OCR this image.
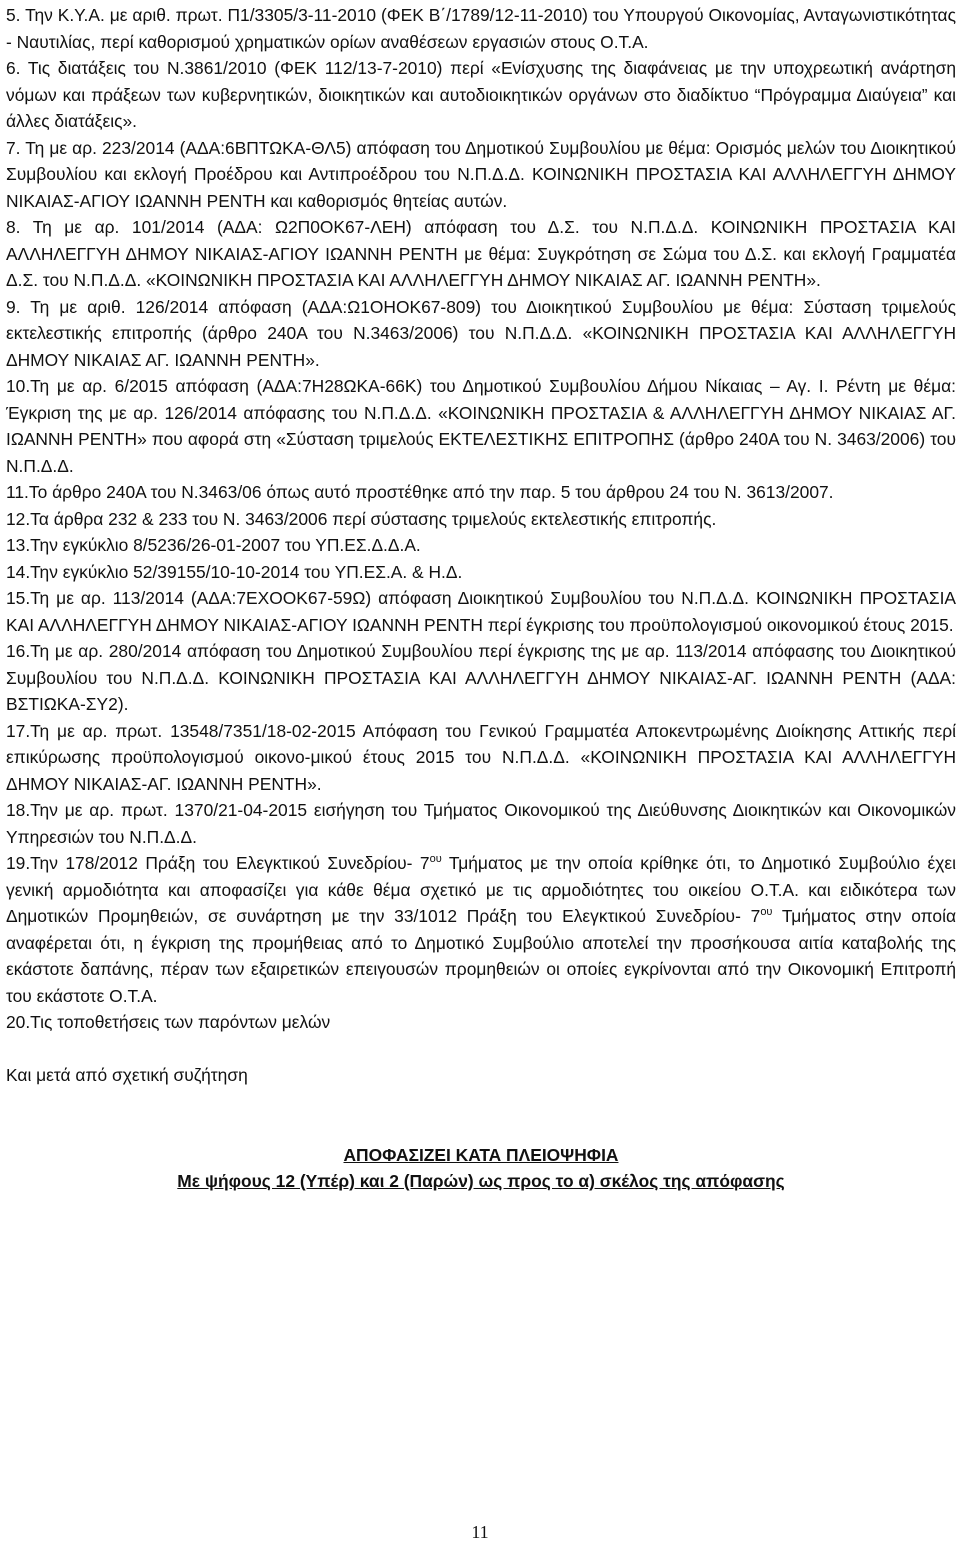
5. Την Κ.Υ.Α. με αριθ. πρωτ. Π1/3305/3-11-2010 (ΦΕΚ Β΄/1789/12-11-2010) του Υπουργού Οικονομίας, Ανταγωνιστικότητας - Ναυτιλίας, περί καθορισμού χρηματικών ορίων αναθέσεων εργασιών στους Ο.Τ.Α.

6. Τις διατάξεις του Ν.3861/2010 (ΦΕΚ 112/13-7-2010) περί «Ενίσχυσης της διαφάνειας με την υποχρεωτική ανάρτηση νόμων και πράξεων των κυβερνητικών, διοικητικών και αυτοδιοικητικών οργάνων στο διαδίκτυο “Πρόγραμμα Διαύγεια” και άλλες διατάξεις».

7. Τη με αρ. 223/2014 (ΑΔΑ:6ΒΠΤΩΚΑ-ΘΛ5) απόφαση του Δημοτικού Συμβουλίου με θέμα: Ορισμός μελών του Διοικητικού Συμβουλίου και εκλογή Προέδρου και Αντιπροέδρου του Ν.Π.Δ.Δ. ΚΟΙΝΩΝΙΚΗ ΠΡΟΣΤΑΣΙΑ ΚΑΙ ΑΛΛΗΛΕΓΓΥΗ ΔΗΜΟΥ ΝΙΚΑΙΑΣ-ΑΓΙΟΥ ΙΩΑΝΝΗ ΡΕΝΤΗ και καθορισμός θητείας αυτών.

8. Τη με αρ. 101/2014 (ΑΔΑ: Ω2Π0ΟΚ67-ΛΕΗ) απόφαση του Δ.Σ. του Ν.Π.Δ.Δ. ΚΟΙΝΩΝΙΚΗ ΠΡΟΣΤΑΣΙΑ ΚΑΙ ΑΛΛΗΛΕΓΓΥΗ ΔΗΜΟΥ ΝΙΚΑΙΑΣ-ΑΓΙΟΥ ΙΩΑΝΝΗ ΡΕΝΤΗ με θέμα: Συγκρότηση σε Σώμα του Δ.Σ. και εκλογή Γραμματέα Δ.Σ. του Ν.Π.Δ.Δ. «ΚΟΙΝΩΝΙΚΗ ΠΡΟΣΤΑΣΙΑ ΚΑΙ ΑΛΛΗΛΕΓΓΥΗ ΔΗΜΟΥ ΝΙΚΑΙΑΣ ΑΓ. ΙΩΑΝΝΗ ΡΕΝΤΗ».

9. Τη με αριθ. 126/2014 απόφαση (ΑΔΑ:Ω1ΟΗΟΚ67-809) του Διοικητικού Συμβουλίου με θέμα: Σύσταση τριμελούς εκτελεστικής επιτροπής (άρθρο 240Α του Ν.3463/2006) του Ν.Π.Δ.Δ. «ΚΟΙΝΩΝΙΚΗ ΠΡΟΣΤΑΣΙΑ ΚΑΙ ΑΛΛΗΛΕΓΓΥΗ ΔΗΜΟΥ ΝΙΚΑΙΑΣ ΑΓ. ΙΩΑΝΝΗ ΡΕΝΤΗ».

10.Τη με αρ. 6/2015 απόφαση (ΑΔΑ:7Η28ΩΚΑ-66Κ) του Δημοτικού Συμβουλίου Δήμου Νίκαιας – Αγ. Ι. Ρέντη με θέμα: Έγκριση της με αρ. 126/2014 απόφασης του Ν.Π.Δ.Δ. «ΚΟΙΝΩΝΙΚΗ ΠΡΟΣΤΑΣΙΑ & ΑΛΛΗΛΕΓΓΥΗ ΔΗΜΟΥ ΝΙΚΑΙΑΣ ΑΓ. ΙΩΑΝΝΗ ΡΕΝΤΗ» που αφορά στη «Σύσταση τριμελούς ΕΚΤΕΛΕΣΤΙΚΗΣ ΕΠΙΤΡΟΠΗΣ (άρθρο 240Α του Ν. 3463/2006) του Ν.Π.Δ.Δ.

11.Το άρθρο 240Α του Ν.3463/06 όπως αυτό προστέθηκε από την παρ. 5 του άρθρου 24 του Ν. 3613/2007.

12.Τα άρθρα 232 & 233 του Ν. 3463/2006 περί σύστασης τριμελούς εκτελεστικής επιτροπής.

13.Την εγκύκλιο 8/5236/26-01-2007 του ΥΠ.ΕΣ.Δ.Δ.Α.

14.Την εγκύκλιο 52/39155/10-10-2014 του ΥΠ.ΕΣ.Α. & Η.Δ.

15.Τη με αρ. 113/2014 (ΑΔΑ:7ΕΧΟΟΚ67-59Ω) απόφαση Διοικητικού Συμβουλίου του Ν.Π.Δ.Δ. ΚΟΙΝΩΝΙΚΗ ΠΡΟΣΤΑΣΙΑ ΚΑΙ ΑΛΛΗΛΕΓΓΥΗ ΔΗΜΟΥ ΝΙΚΑΙΑΣ-ΑΓΙΟΥ ΙΩΑΝΝΗ ΡΕΝΤΗ περί έγκρισης του προϋπολογισμού οικονομικού έτους 2015.

16.Τη με αρ. 280/2014 απόφαση του Δημοτικού Συμβουλίου περί έγκρισης της με αρ. 113/2014 απόφασης του Διοικητικού Συμβουλίου του Ν.Π.Δ.Δ. ΚΟΙΝΩΝΙΚΗ ΠΡΟΣΤΑΣΙΑ ΚΑΙ ΑΛΛΗΛΕΓΓΥΗ ΔΗΜΟΥ ΝΙΚΑΙΑΣ-ΑΓ. ΙΩΑΝΝΗ ΡΕΝΤΗ (ΑΔΑ: ΒΣΤΙΩΚΑ-ΣΥ2).

17.Τη με αρ. πρωτ. 13548/7351/18-02-2015 Απόφαση του Γενικού Γραμματέα Αποκεντρωμένης Διοίκησης Αττικής περί επικύρωσης προϋπολογισμού οικονο-μικού έτους 2015 του Ν.Π.Δ.Δ. «ΚΟΙΝΩΝΙΚΗ ΠΡΟΣΤΑΣΙΑ ΚΑΙ ΑΛΛΗΛΕΓΓΥΗ ΔΗΜΟΥ ΝΙΚΑΙΑΣ-ΑΓ. ΙΩΑΝΝΗ ΡΕΝΤΗ».

18.Την με αρ. πρωτ. 1370/21-04-2015 εισήγηση του Τμήματος Οικονομικού της Διεύθυνσης Διοικητικών και Οικονομικών Υπηρεσιών του Ν.Π.Δ.Δ.

19.Την 178/2012 Πράξη του Ελεγκτικού Συνεδρίου- $7^{o\upsilon}$ Τμήματος με την οποία κρίθηκε ότι, το Δημοτικό Συμβούλιο έχει γενική αρμοδιότητα και αποφασίζει για κάθε θέμα σχετικό με τις αρμοδιότητες του οικείου Ο.Τ.Α. και ειδικότερα των Δημοτικών Προμηθειών, σε συνάρτηση με την 33/1012 Πράξη του Ελεγκτικού Συνεδρίου- $7^{o\upsilon}$ Τμήματος στην οποία αναφέρεται ότι, η έγκριση της προμήθειας από το Δημοτικό Συμβούλιο αποτελεί την προσήκουσα αιτία καταβολής της εκάστοτε δαπάνης, πέραν των εξαιρετικών επειγουσών προμηθειών οι οποίες εγκρίνονται από την Οικονομική Επιτροπή του εκάστοτε Ο.Τ.Α.

20.Τις τοποθετήσεις των παρόντων μελών

Και μετά από σχετική συζήτηση

ΑΠΟΦΑΣΙΖΕΙ ΚΑΤΑ ΠΛΕΙΟΨΗΦΙΑ

Με ψήφους 12 (Υπέρ) και 2 (Παρών) ως προς το α) σκέλος της απόφασης

11
